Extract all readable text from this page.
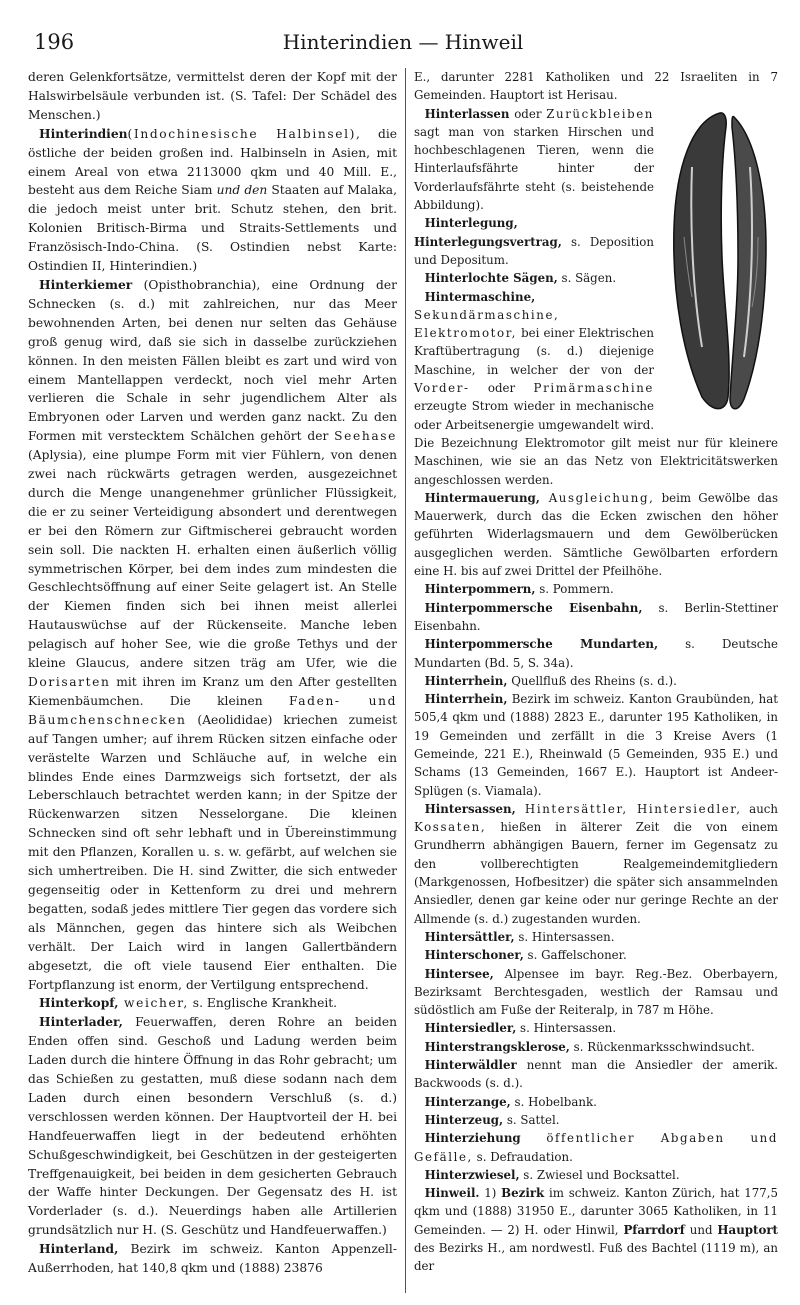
196	Hinterindien — Hinweil

deren Gelenkfortsätze, vermittelst deren der Kopf mit der Halswirbelsäule verbunden ist. (S. Tafel: Der Schädel des Menschen.)

Hinterindien(Indochinesische Halbinsel), die östliche der beiden großen ind. Halbinseln in Asien, mit einem Areal von etwa 2113000 qkm und 40 Mill. E., besteht aus dem Reiche Siam und den Staaten auf Malaka, die jedoch meist unter brit. Schutz stehen, den brit. Kolonien Britisch-Birma und Straits-Settlements und Französisch-Indo-China. (S. Ostindien nebst Karte: Ostindien II, Hinterindien.)

Hinterkiemer (Opisthobranchia), eine Ordnung der Schnecken (s. d.) mit zahlreichen, nur das Meer bewohnenden Arten, bei denen nur selten das Gehäuse groß genug wird, daß sie sich in dasselbe zurückziehen können. In den meisten Fällen bleibt es zart und wird von einem Mantellappen verdeckt, noch viel mehr Arten verlieren die Schale in sehr jugendlichem Alter als Embryonen oder Larven und werden ganz nackt. Zu den Formen mit verstecktem Schälchen gehört der Seehase (Aplysia), eine plumpe Form mit vier Fühlern, von denen zwei nach rückwärts getragen werden, ausgezeichnet durch die Menge unangenehmer grünlicher Flüssigkeit, die er zu seiner Verteidigung absondert und derentwegen er bei den Römern zur Giftmischerei gebraucht worden sein soll. Die nackten H. erhalten einen äußerlich völlig symmetrischen Körper, bei dem indes zum mindesten die Geschlechtsöffnung auf einer Seite gelagert ist. An Stelle der Kiemen finden sich bei ihnen meist allerlei Hautauswüchse auf der Rückenseite. Manche leben pelagisch auf hoher See, wie die große Tethys und der kleine Glaucus, andere sitzen träg am Ufer, wie die Dorisarten mit ihren im Kranz um den After gestellten Kiemenbäumchen. Die kleinen Faden- und Bäumchenschnecken (Aeolididae) kriechen zumeist auf Tangen umher; auf ihrem Rücken sitzen einfache oder verästelte Warzen und Schläuche auf, in welche ein blindes Ende eines Darmzweigs sich fortsetzt, der als Leberschlauch betrachtet werden kann; in der Spitze der Rückenwarzen sitzen Nesselorgane. Die kleinen Schnecken sind oft sehr lebhaft und in Übereinstimmung mit den Pflanzen, Korallen u. s. w. gefärbt, auf welchen sie sich umhertreiben. Die H. sind Zwitter, die sich entweder gegenseitig oder in Kettenform zu drei und mehrern begatten, sodaß jedes mittlere Tier gegen das vordere sich als Männchen, gegen das hintere sich als Weibchen verhält. Der Laich wird in langen Gallertbändern abgesetzt, die oft viele tausend Eier enthalten. Die Fortpflanzung ist enorm, der Vertilgung entsprechend.

Hinterkopf, weicher, s. Englische Krankheit.

Hinterlader, Feuerwaffen, deren Rohre an beiden Enden offen sind. Geschoß und Ladung werden beim Laden durch die hintere Öffnung in das Rohr gebracht; um das Schießen zu gestatten, muß diese sodann nach dem Laden durch einen besondern Verschluß (s. d.) verschlossen werden können. Der Hauptvorteil der H. bei Handfeuerwaffen liegt in der bedeutend erhöhten Schußgeschwindigkeit, bei Geschützen in der gesteigerten Treffgenauigkeit, bei beiden in dem gesicherten Gebrauch der Waffe hinter Deckungen. Der Gegensatz des H. ist Vorderlader (s. d.). Neuerdings haben alle Artillerien grundsätzlich nur H. (S. Geschütz und Handfeuerwaffen.)

Hinterland, Bezirk im schweiz. Kanton Appenzell-Außerrhoden, hat 140,8 qkm und (1888) 23876

E., darunter 2281 Katholiken und 22 Israeliten in 7 Gemeinden. Hauptort ist Herisau.

Hinterlassen oder Zurückbleiben sagt man von starken Hirschen und hochbeschlagenen Tieren, wenn die Hinterlaufsfährte hinter der Vorderlaufsfährte steht (s. beistehende Abbildung).

Hinterlegung, Hinterlegungsvertrag, s. Deposition und Depositum.

Hinterlochte Sägen, s. Sägen.

Hintermaschine, Sekundärmaschine, Elektromotor, bei einer Elektrischen Kraftübertragung (s. d.) diejenige Maschine, in welcher der von der Vorder- oder Primärmaschine erzeugte Strom wieder in mechanische oder Arbeitsenergie umgewandelt wird. Die Bezeichnung Elektromotor gilt meist nur für kleinere Maschinen, wie sie an das Netz von Elektricitätswerken angeschlossen werden.

Hintermauerung, Ausgleichung, beim Gewölbe das Mauerwerk, durch das die Ecken zwischen den höher geführten Widerlagsmauern und dem Gewölberücken ausgeglichen werden. Sämtliche Gewölbarten erfordern eine H. bis auf zwei Drittel der Pfeilhöhe.

Hinterpommern, s. Pommern.

Hinterpommersche Eisenbahn, s. Berlin-Stettiner Eisenbahn.

Hinterpommersche Mundarten, s. Deutsche Mundarten (Bd. 5, S. 34a).

Hinterrhein, Quellfluß des Rheins (s. d.).

Hinterrhein, Bezirk im schweiz. Kanton Graubünden, hat 505,4 qkm und (1888) 2823 E., darunter 195 Katholiken, in 19 Gemeinden und zerfällt in die 3 Kreise Avers (1 Gemeinde, 221 E.), Rheinwald (5 Gemeinden, 935 E.) und Schams (13 Gemeinden, 1667 E.). Hauptort ist Andeer-Splügen (s. Viamala).

Hintersassen, Hintersättler, Hintersiedler, auch Kossaten, hießen in älterer Zeit die von einem Grundherrn abhängigen Bauern, ferner im Gegensatz zu den vollberechtigten Realgemeindemitgliedern (Markgenossen, Hofbesitzer) die später sich ansammelnden Ansiedler, denen gar keine oder nur geringe Rechte an der Allmende (s. d.) zugestanden wurden.

Hintersättler, s. Hintersassen.

Hinterschoner, s. Gaffelschoner.

Hintersee, Alpensee im bayr. Reg.-Bez. Oberbayern, Bezirksamt Berchtesgaden, westlich der Ramsau und südöstlich am Fuße der Reiteralp, in 787 m Höhe.

Hintersiedler, s. Hintersassen.

Hinterstrangsklerose, s. Rückenmarksschwindsucht.

Hinterwäldler nennt man die Ansiedler der amerik. Backwoods (s. d.).

Hinterzange, s. Hobelbank.

Hinterzeug, s. Sattel.

Hinterziehung öffentlicher Abgaben und Gefälle, s. Defraudation.

Hinterzwiesel, s. Zwiesel und Bocksattel.

Hinweil. 1) Bezirk im schweiz. Kanton Zürich, hat 177,5 qkm und (1888) 31950 E., darunter 3065 Katholiken, in 11 Gemeinden. — 2) H. oder Hinwil, Pfarrdorf und Hauptort des Bezirks H., am nordwestl. Fuß des Bachtel (1119 m), an der
